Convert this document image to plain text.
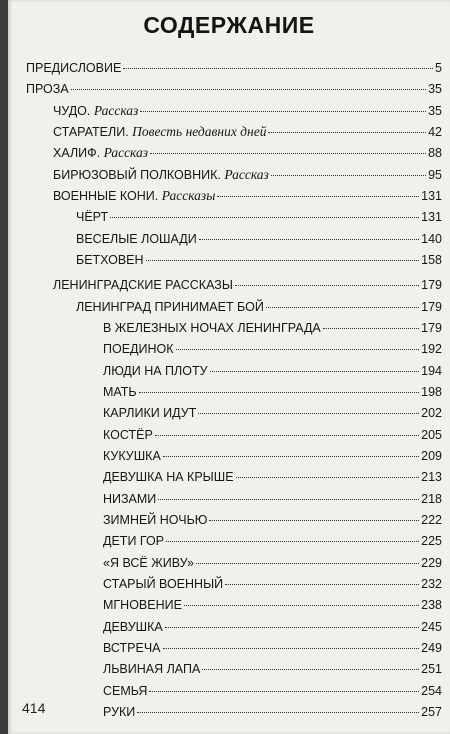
СОДЕРЖАНИЕ
ПРЕДИСЛОВИЕ	5
ПРОЗА	35
ЧУДО. Рассказ	35
СТАРАТЕЛИ. Повесть недавних дней	42
ХАЛИФ. Рассказ	88
БИРЮЗОВЫЙ ПОЛКОВНИК. Рассказ	95
ВОЕННЫЕ КОНИ. Рассказы	131
ЧЁРТ	131
ВЕСЕЛЫЕ ЛОШАДИ	140
БЕТХОВЕН	158
ЛЕНИНГРАДСКИЕ РАССКАЗЫ	179
ЛЕНИНГРАД ПРИНИМАЕТ БОЙ	179
В ЖЕЛЕЗНЫХ НОЧАХ ЛЕНИНГРАДА	179
ПОЕДИНОК	192
ЛЮДИ НА ПЛОТУ	194
МАТЬ	198
КАРЛИКИ ИДУТ	202
КОСТЁР	205
КУКУШКА	209
ДЕВУШКА НА КРЫШЕ	213
НИЗАМИ	218
ЗИМНЕЙ НОЧЬЮ	222
ДЕТИ ГОР	225
«Я ВСЁ ЖИВУ»	229
СТАРЫЙ ВОЕННЫЙ	232
МГНОВЕНИЕ	238
ДЕВУШКА	245
ВСТРЕЧА	249
ЛЬВИНАЯ ЛАПА	251
СЕМЬЯ	254
РУКИ	257
414
